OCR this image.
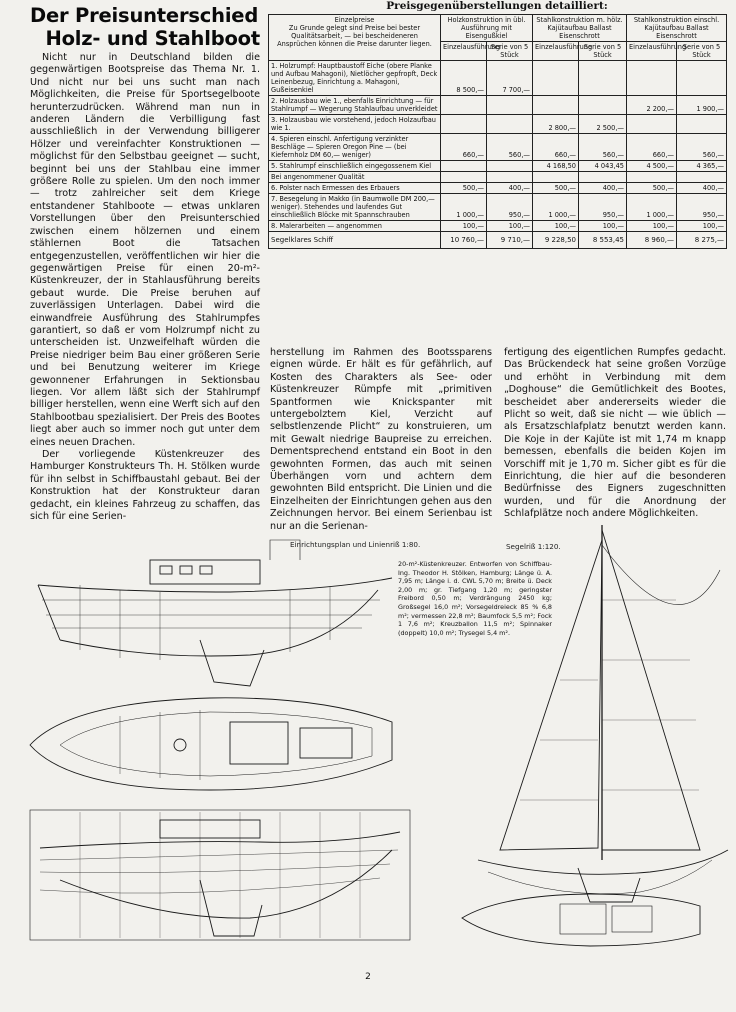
Der Preisunterschied
Holz- und Stahlboot

Nicht nur in Deutschland bilden die gegenwärtigen Bootspreise das Thema Nr. 1. Und nicht nur bei uns sucht man nach Möglichkeiten, die Preise für Sportsegelboote herunterzudrücken. Während man nun in anderen Ländern die Verbilligung fast ausschließlich in der Verwendung billigerer Hölzer und vereinfachter Konstruktionen — möglichst für den Selbstbau geeignet — sucht, beginnt bei uns der Stahlbau eine immer größere Rolle zu spielen. Um den noch immer — trotz zahlreicher seit dem Kriege entstandener Stahlboote — etwas unklaren Vorstellungen über den Preisunterschied zwischen einem hölzernen und einem stählernen Boot die Tatsachen entgegenzustellen, veröffentlichen wir hier die gegenwärtigen Preise für einen 20-m²-Küstenkreuzer, der in Stahlausführung bereits gebaut wurde. Die Preise beruhen auf zuverlässigen Unterlagen. Dabei wird die einwandfreie Ausführung des Stahlrumpfes garantiert, so daß er vom Holzrumpf nicht zu unterscheiden ist. Unzweifelhaft würden die Preise niedriger beim Bau einer größeren Serie und bei Benutzung weiterer im Kriege gewonnener Erfahrungen in Sektionsbau liegen. Vor allem läßt sich der Stahlrumpf billiger herstellen, wenn eine Werft sich auf den Stahlbootbau spezialisiert. Der Preis des Bootes liegt aber auch so immer noch gut unter dem eines neuen Drachen.

Der vorliegende Küstenkreuzer des Hamburger Konstrukteurs Th. H. Stölken wurde für ihn selbst in Schiffbaustahl gebaut. Bei der Konstruktion hat der Konstrukteur daran gedacht, ein kleines Fahrzeug zu schaffen, das sich für eine Serien-

Preisgegenüberstellungen detailliert:
Einzelpreise
Zu Grunde gelegt sind Preise bei bester Qualitätsarbeit, — bei bescheideneren Ansprüchen können die Preise darunter liegen.	Holzkonstruktion in übl. Ausführung mit Eisengußkiel		Stahlkonstruktion m. hölz. Kajütaufbau Ballast Eisenschrott		Stahlkonstruktion einschl. Kajütaufbau Ballast Eisenschrott	
	Einzelausführung	Serie von 5 Stück	Einzelausführung	Serie von 5 Stück	Einzelausführung	Serie von 5 Stück
1. Holzrumpf: Hauptbaustoff Eiche (obere Planke und Aufbau Mahagoni), Nietlöcher gepfropft, Deck Leinenbezug, Einrichtung a. Mahagoni, Gußeisenkiel	8 500,—	7 700,—				
2. Holzausbau wie 1., ebenfalls Einrichtung — für Stahlrumpf — Wegerung Stahlaufbau unverkleidet					2 200,—	1 900,—
3. Holzausbau wie vorstehend, jedoch Holzaufbau wie 1.			2 800,—	2 500,—		
4. Spieren einschl. Anfertigung verzinkter Beschläge — Spieren Oregon Pine — (bei Kiefernholz DM 60,— weniger)	660,—	560,—	660,—	560,—	660,—	560,—
5. Stahlrumpf einschließlich eingegossenem Kiel			4 168,50	4 043,45	4 500,—	4 365,—
Bei angenommener Qualität						
6. Polster nach Ermessen des Erbauers	500,—	400,—	500,—	400,—	500,—	400,—
7. Besegelung in Makko (in Baumwolle DM 200,— weniger). Stehendes und laufendes Gut einschließlich Blöcke mit Spannschrauben	1 000,—	950,—	1 000,—	950,—	1 000,—	950,—
8. Malerarbeiten — angenommen	100,—	100,—	100,—	100,—	100,—	100,—
Segelklares Schiff	10 760,—	9 710,—	9 228,50	8 553,45	8 960,—	8 275,—

herstellung im Rahmen des Bootssparens eignen würde. Er hält es für gefährlich, auf Kosten des Charakters als See- oder Küstenkreuzer Rümpfe mit „primitiven Spantformen wie Knickspanter mit untergebolztem Kiel, Verzicht auf selbstlenzende Plicht“ zu konstruieren, um mit Gewalt niedrige Baupreise zu erreichen. Dementsprechend entstand ein Boot in den gewohnten Formen, das auch mit seinen Überhängen vorn und achtern dem gewohnten Bild entspricht. Die Linien und die Einzelheiten der Einrichtungen gehen aus den Zeichnungen hervor. Bei einem Serienbau ist nur an die Serienan-

fertigung des eigentlichen Rumpfes gedacht. Das Brückendeck hat seine großen Vorzüge und erhöht in Verbindung mit dem „Doghouse“ die Gemütlichkeit des Bootes, bescheidet aber andererseits wieder die Plicht so weit, daß sie nicht — wie üblich — als Ersatzschlafplatz benutzt werden kann. Die Koje in der Kajüte ist mit 1,74 m knapp bemessen, ebenfalls die beiden Kojen im Vorschiff mit je 1,70 m. Sicher gibt es für die Einrichtung, die hier auf die besonderen Bedürfnisse des Eigners zugeschnitten wurden, und für die Anordnung der Schlafplätze noch andere Möglichkeiten.

Einrichtungsplan und Linienriß 1:80.	Segelriß 1:120.
20-m²-Küstenkreuzer. Entworfen von Schiffbau-Ing. Theodor H. Stölken, Hamburg; Länge ü. A. 7,95 m; Länge i. d. CWL 5,70 m; Breite ü. Deck 2,00 m; gr. Tiefgang 1,20 m; geringster Freibord 0,50 m; Verdrängung 2450 kg; Großsegel 16,0 m²; Vorsegeldreieck 85 % 6,8 m²; vermessen 22,8 m²; Baumfock 5,5 m²; Fock 1 7,6 m²; Kreuzballon 11,5 m²; Spinnaker (doppelt) 10,0 m²; Trysegel 5,4 m².
2
